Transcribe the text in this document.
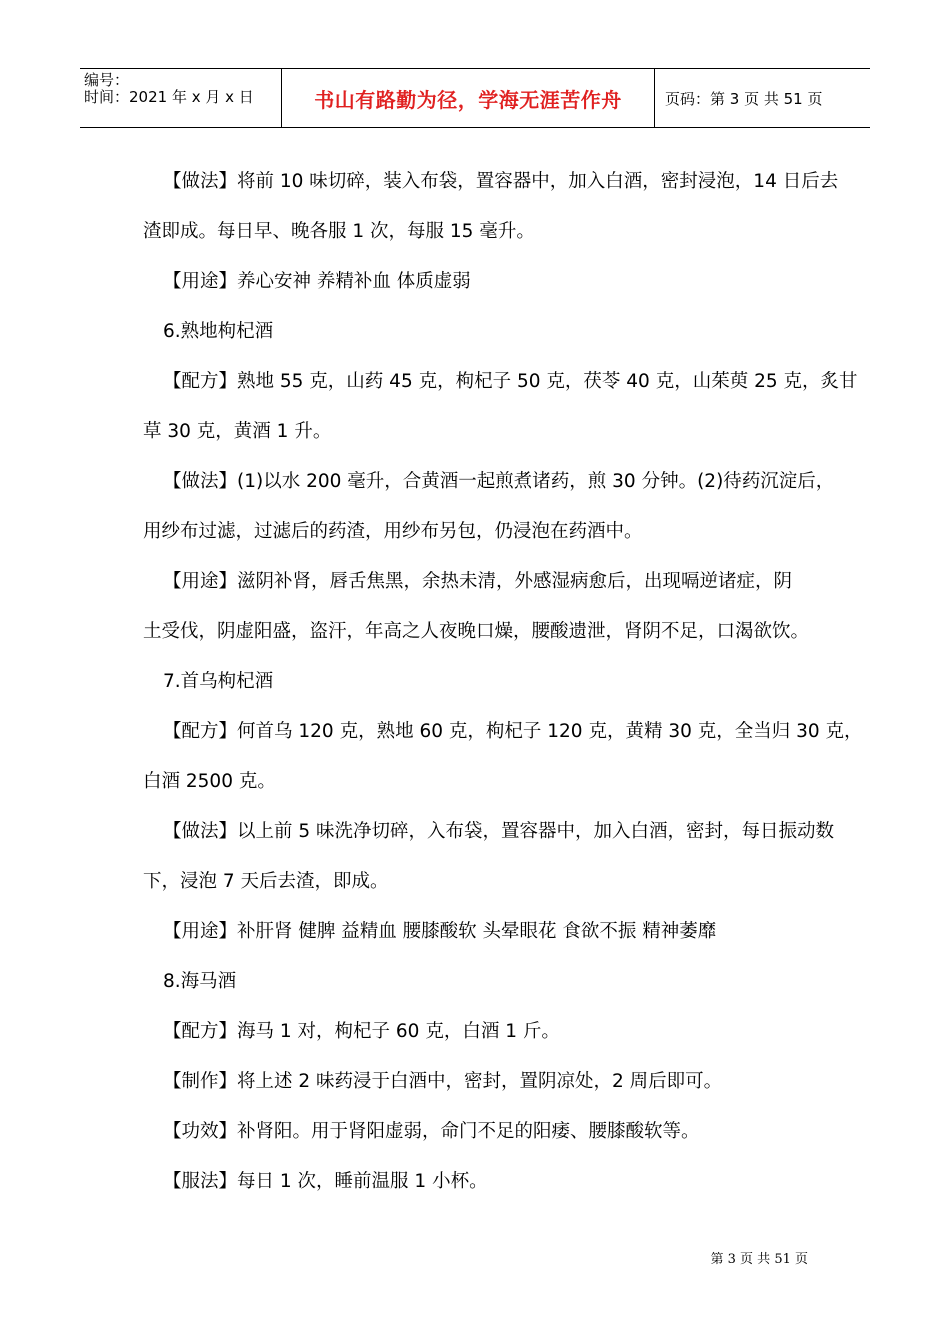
编号：
时间：2021 年 x 月 x 日	书山有路勤为径，学海无涯苦作舟	页码：第 3 页 共 51 页
【做法】将前 10 味切碎，装入布袋，置容器中，加入白酒，密封浸泡，14 日后去
渣即成。每日早、晚各服 1 次，每服 15 毫升。
【用途】养心安神 养精补血 体质虚弱
6.熟地枸杞酒
【配方】熟地 55 克，山药 45 克，枸杞子 50 克，茯苓 40 克，山茱萸 25 克，炙甘
草 30 克，黄酒 1 升。
【做法】(1)以水 200 毫升，合黄酒一起煎煮诸药，煎 30 分钟。(2)待药沉淀后，
用纱布过滤，过滤后的药渣，用纱布另包，仍浸泡在药酒中。
【用途】滋阴补肾，唇舌焦黑，余热未清，外感湿病愈后，出现嗝逆诸症，阴
土受伐，阴虚阳盛，盗汗，年高之人夜晚口燥，腰酸遗泄，肾阴不足，口渴欲饮。
7.首乌枸杞酒
【配方】何首乌 120 克，熟地 60 克，枸杞子 120 克，黄精 30 克，全当归 30 克，
白酒 2500 克。
【做法】以上前 5 味洗净切碎，入布袋，置容器中，加入白酒，密封，每日振动数
下，浸泡 7 天后去渣，即成。
【用途】补肝肾 健脾 益精血 腰膝酸软 头晕眼花 食欲不振 精神萎靡
8.海马酒
【配方】海马 1 对，枸杞子 60 克，白酒 1 斤。
【制作】将上述 2 味药浸于白酒中，密封，置阴凉处，2 周后即可。
【功效】补肾阳。用于肾阳虚弱，命门不足的阳痿、腰膝酸软等。
【服法】每日 1 次，睡前温服 1 小杯。
第 3 页 共 51 页
